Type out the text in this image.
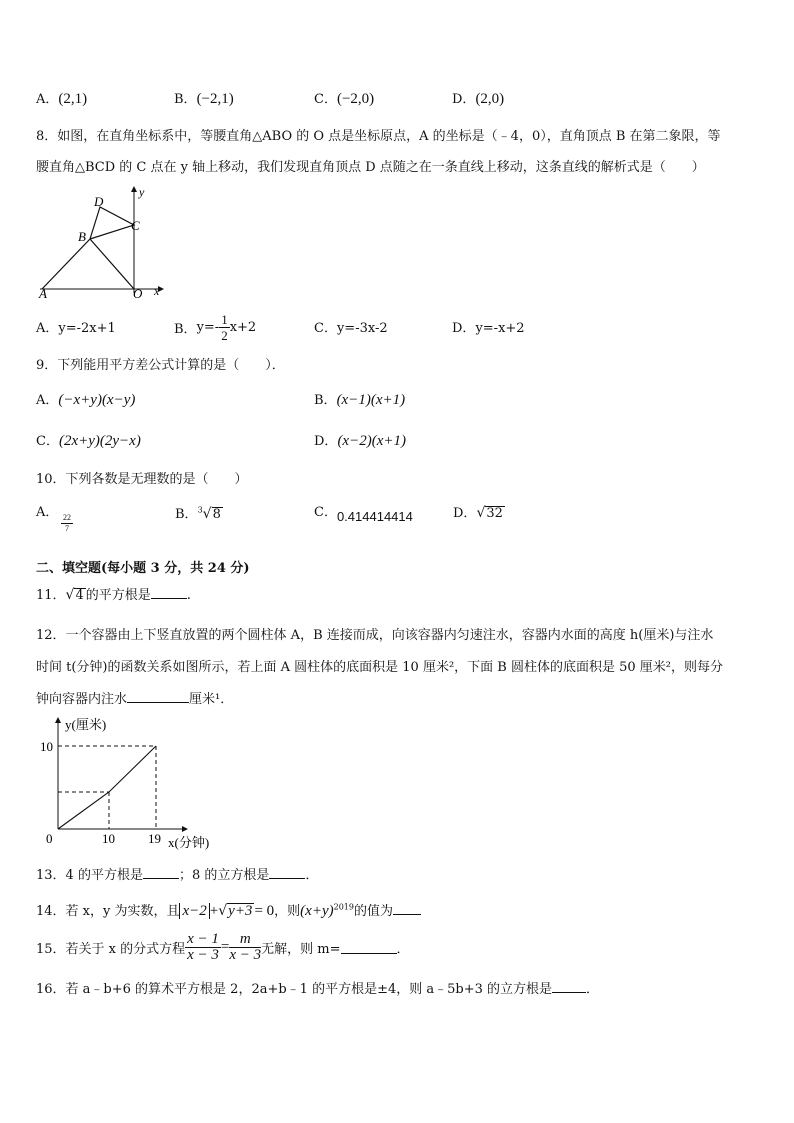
A．(2,1)	B．(−2,1)	C．(−2,0)	D．(2,0)
8．如图，在直角坐标系中，等腰直角△ABO 的 O 点是坐标原点，A 的坐标是（﹣4，0），直角顶点 B 在第二象限，等
腰直角△BCD 的 C 点在 y 轴上移动，我们发现直角顶点 D 点随之在一条直线上移动，这条直线的解析式是（　　）
y
x
D
C
B
A	O
A．y=-2x+1	B．$y=- \frac{1}{2} x+2$	C．y=-3x-2	D．y=-x+2
9．下列能用平方差公式计算的是（　　）．
A．(−x+y)(x−y)	B．(x−1)(x+1)
C．(2x+y)(2y−x)	D．(x−2)(x+1)
10．下列各数是无理数的是（　　）
A．
$\frac{22}{7}$	B．$^3$√8	C．0.414414414	D．√32
二、填空题(每小题 3 分，共 24 分)
11．√4 的平方根是	.
12．一个容器由上下竖直放置的两个圆柱体 A，B 连接而成，向该容器内匀速注水，容器内水面的高度 h(厘米)与注水
时间 t(分钟)的函数关系如图所示，若上面 A 圆柱体的底面积是 10 厘米²，下面 B 圆柱体的底面积是 50 厘米²，则每分
钟向容器内注水	厘米¹．
y(厘米)
10
0	10	19 x(分钟)
13．4 的平方根是	；8 的立方根是	．
14．若 x，y 为实数，且 x−2 +√y+3 = 0，则$(x+y)^{2019}$的值为
15．若关于 x 的分式方程 $\frac{x - 1}{x - 3} = \frac{m}{x - 3}$ 无解，则 m=	．
16．若 a﹣b+6 的算术平方根是 2，2a+b﹣1 的平方根是±4，则 a﹣5b+3 的立方根是	．
